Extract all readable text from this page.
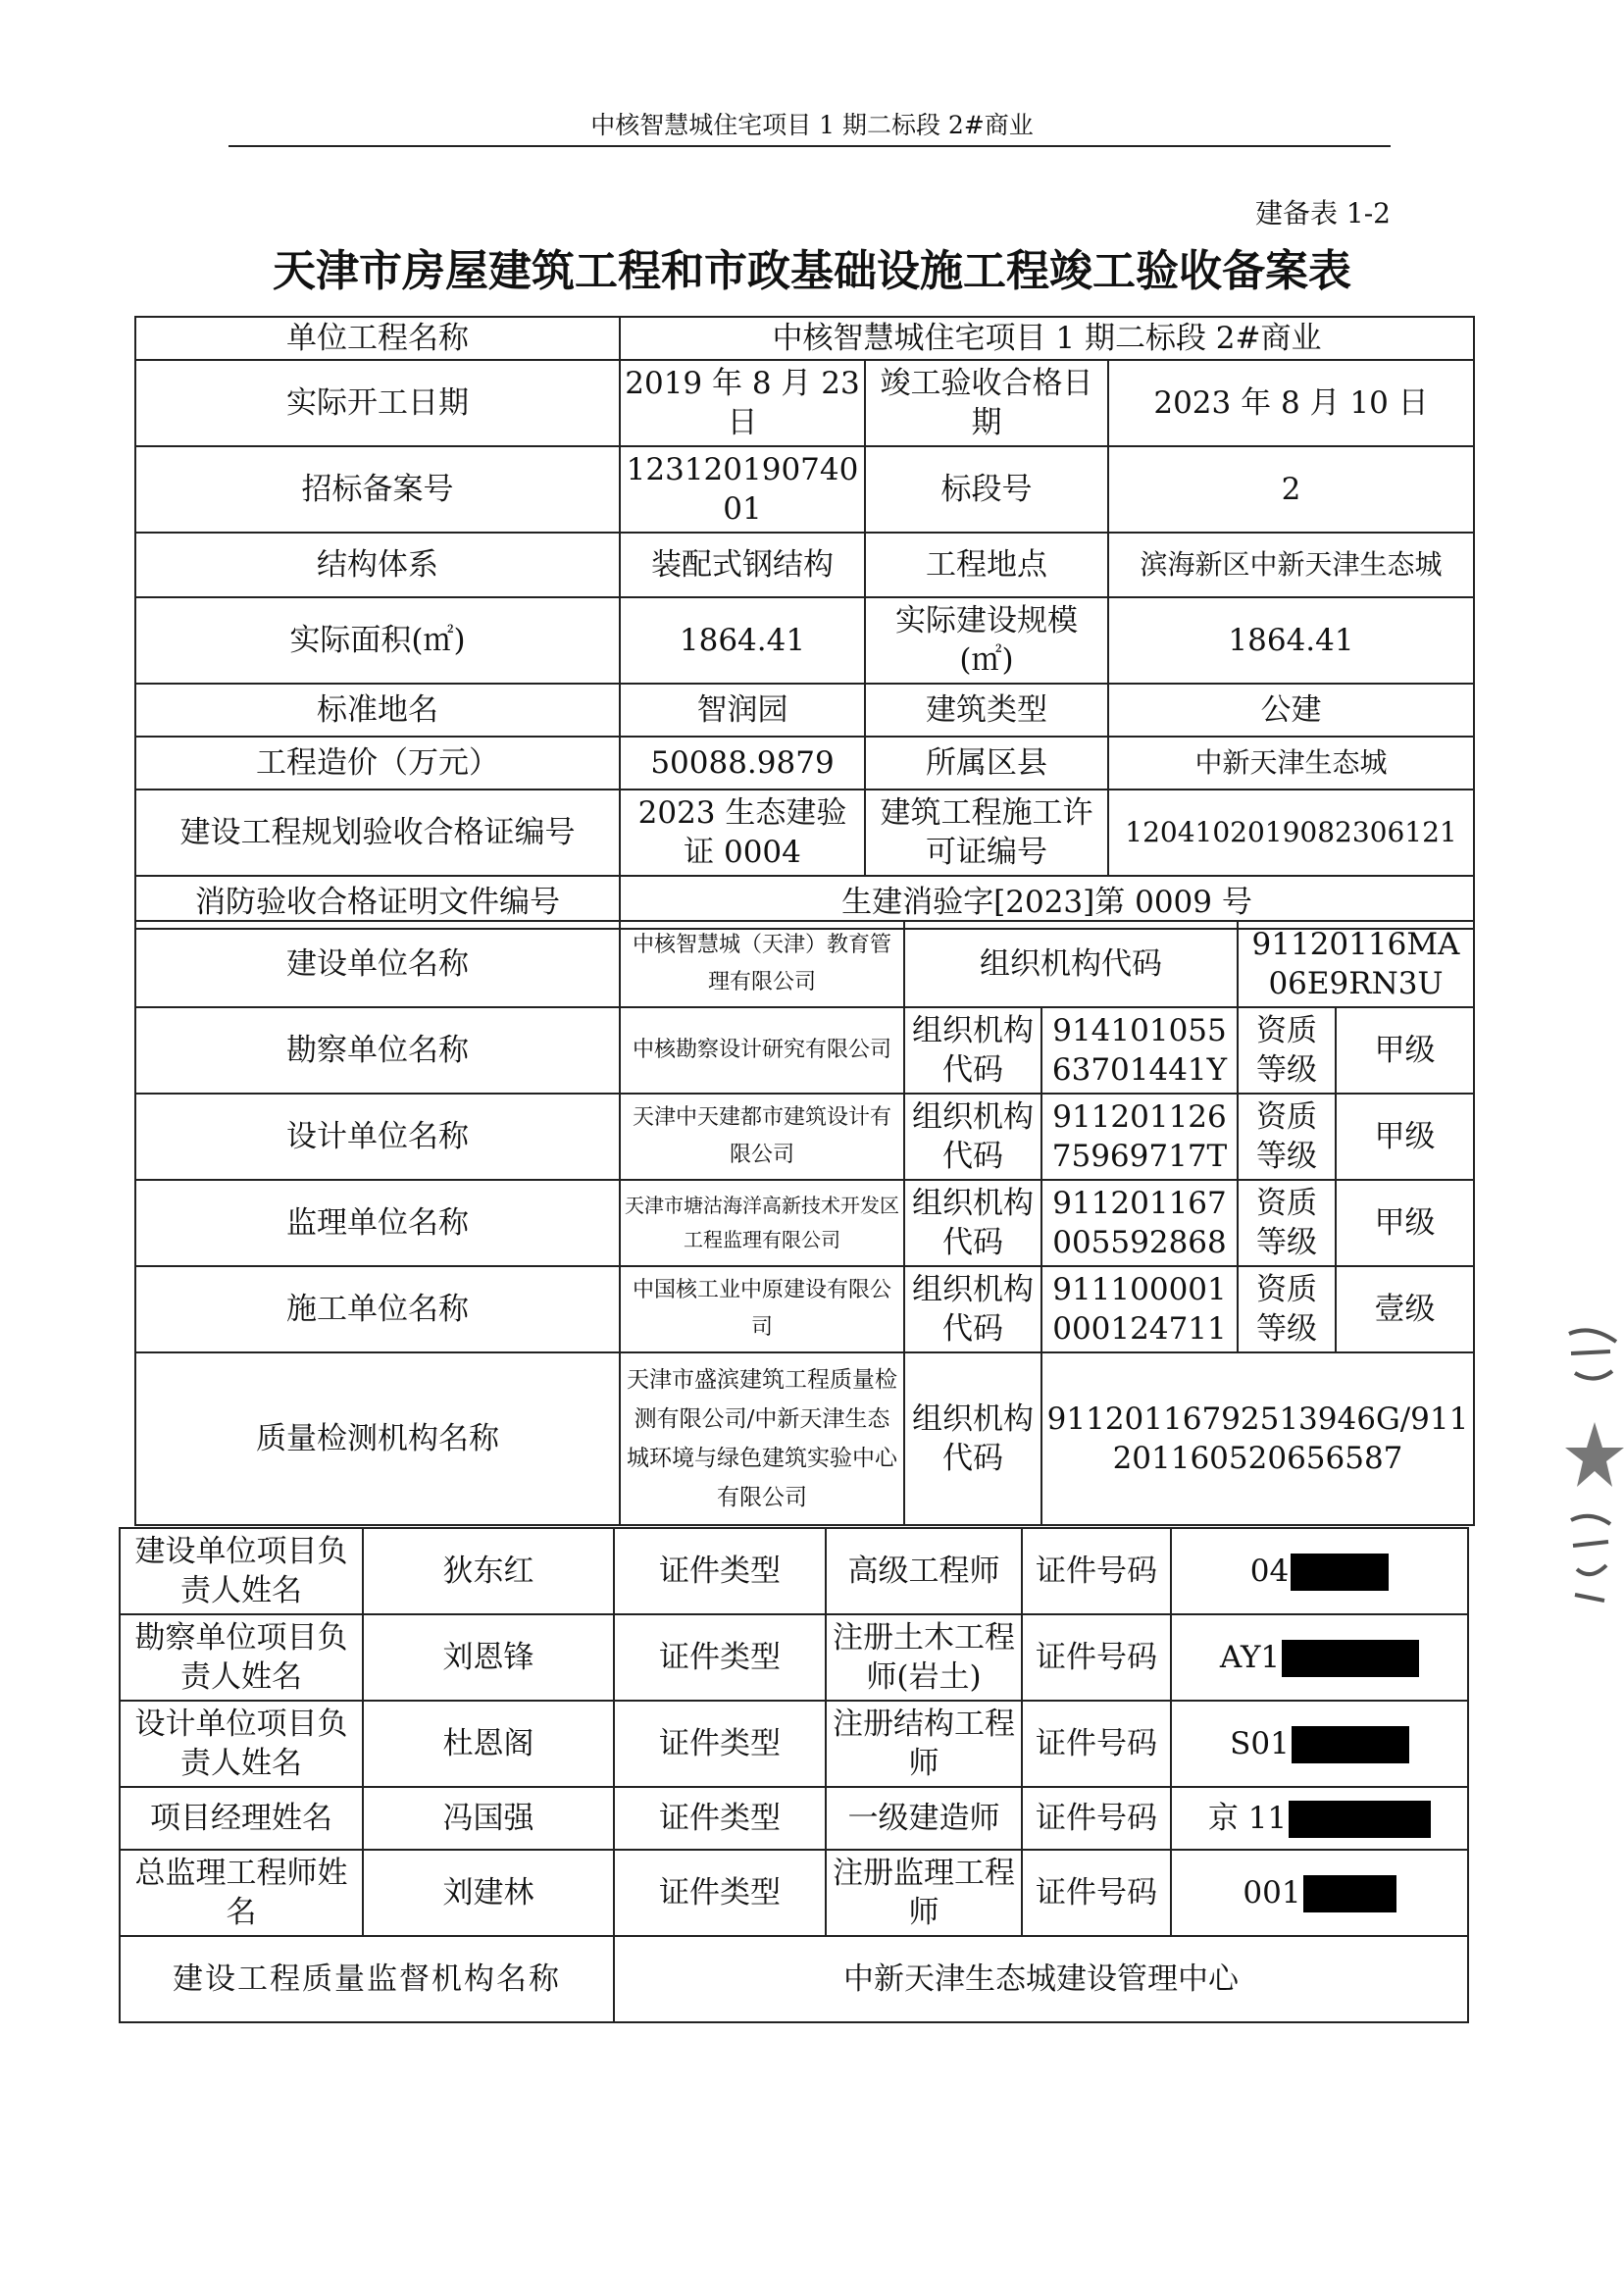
中核智慧城住宅项目 1 期二标段 2#商业
建备表 1-2
天津市房屋建筑工程和市政基础设施工程竣工验收备案表
单位工程名称	中核智慧城住宅项目 1 期二标段 2#商业		
实际开工日期	2019 年 8 月 23 日	竣工验收合格日期	2023 年 8 月 10 日
招标备案号	12312019074001	标段号	2
结构体系	装配式钢结构	工程地点	滨海新区中新天津生态城
实际面积(㎡)	1864.41	实际建设规模(㎡)	1864.41
标准地名	智润园	建筑类型	公建
工程造价（万元）	50088.9879	所属区县	中新天津生态城
建设工程规划验收合格证编号	2023 生态建验证 0004	建筑工程施工许可证编号	120410201908230612​1
消防验收合格证明文件编号	生建消验字[2023]第 0009 号		
建设单位名称	中核智慧城（天津）教育管理有限公司	组织机构代码		91120116MA06E9RN3U	
勘察单位名称	中核勘察设计研究有限公司	组织机构代码	91410105563701441Y	资质等级	甲级
设计单位名称	天津中天建都市建筑设计有限公司	组织机构代码	91120112675969717T	资质等级	甲级
监理单位名称	天津市塘沽海洋高新技术开发区工程监理有限公司	组织机构代码	911201167005592868	资质等级	甲级
施工单位名称	中国核工业中原建设有限公司	组织机构代码	911100001000124711	资质等级	壹级
质量检测机构名称	天津市盛滨建筑工程质量检测有限公司/中新天津生态城环境与绿色建筑实验中心有限公司	组织机构代码	91120116792513946G/911201160520656587		
建设单位项目负责人姓名	狄东红	证件类型	高级工程师	证件号码	04
勘察单位项目负责人姓名	刘恩锋	证件类型	注册土木工程师(岩土)	证件号码	AY1
设计单位项目负责人姓名	杜恩阁	证件类型	注册结构工程师	证件号码	S01
项目经理姓名	冯国强	证件类型	一级建造师	证件号码	京 11
总监理工程师姓名	刘建林	证件类型	注册监理工程师	证件号码	001
建设工程质量监督机构名称		中新天津生态城建设管理中心			
